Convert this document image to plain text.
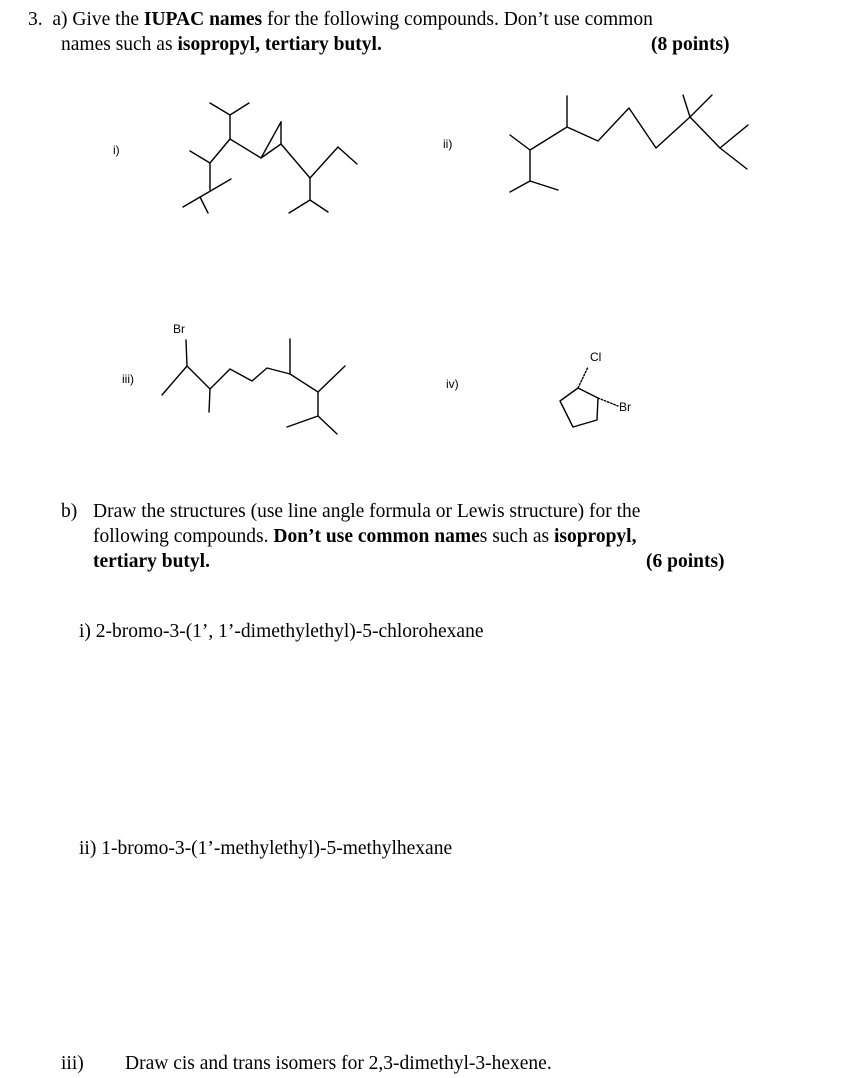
3. a) Give the IUPAC names for the following compounds. Don’t use common
names such as isopropyl, tertiary butyl.	(8 points)
i)	ii)
iii)	iv)
Br
Cl
Br
b) Draw the structures (use line angle formula or Lewis structure) for the
following compounds. Don’t use common names such as isopropyl,
tertiary butyl.	(6 points)
i) 2-bromo-3-(1’, 1’-dimethylethyl)-5-chlorohexane
ii) 1-bromo-3-(1’-methylethyl)-5-methylhexane
iii) Draw cis and trans isomers for 2,3-dimethyl-3-hexene.
